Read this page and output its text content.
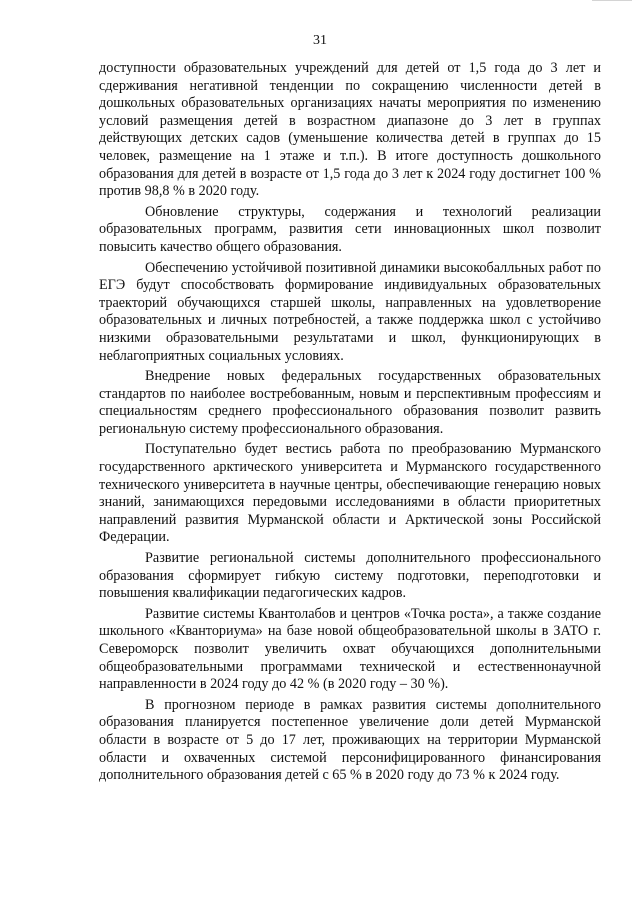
31

доступности образовательных учреждений для детей от 1,5 года до 3 лет и сдерживания негативной тенденции по сокращению численности детей в дошкольных образовательных организациях начаты мероприятия по изменению условий размещения детей в возрастном диапазоне до 3 лет в группах действующих детских садов (уменьшение количества детей в группах до 15 человек, размещение на 1 этаже и т.п.). В итоге доступность дошкольного образования для детей в возрасте от 1,5 года до 3 лет к 2024 году достигнет 100 % против 98,8 % в 2020 году.

Обновление структуры, содержания и технологий реализации образовательных программ, развития сети инновационных школ позволит повысить качество общего образования.

Обеспечению устойчивой позитивной динамики высокобалльных работ по ЕГЭ будут способствовать формирование индивидуальных образовательных траекторий обучающихся старшей школы, направленных на удовлетворение образовательных и личных потребностей, а также поддержка школ с устойчиво низкими образовательными результатами и школ, функционирующих в неблагоприятных социальных условиях.

Внедрение новых федеральных государственных образовательных стандартов по наиболее востребованным, новым и перспективным профессиям и специальностям среднего профессионального образования позволит развить региональную систему профессионального образования.

Поступательно будет вестись работа по преобразованию Мурманского государственного арктического университета и Мурманского государственного технического университета в научные центры, обеспечивающие генерацию новых знаний, занимающихся передовыми исследованиями в области приоритетных направлений развития Мурманской области и Арктической зоны Российской Федерации.

Развитие региональной системы дополнительного профессионального образования сформирует гибкую систему подготовки, переподготовки и повышения квалификации педагогических кадров.

Развитие системы Квантолабов и центров «Точка роста», а также создание школьного «Кванториума» на базе новой общеобразовательной школы в ЗАТО г. Североморск позволит увеличить охват обучающихся дополнительными общеобразовательными программами технической и естественнонаучной направленности в 2024 году до 42 % (в 2020 году – 30 %).

В прогнозном периоде в рамках развития системы дополнительного образования планируется постепенное увеличение доли детей Мурманской области в возрасте от 5 до 17 лет, проживающих на территории Мурманской области и охваченных системой персонифицированного финансирования дополнительного образования детей с 65 % в 2020 году до 73 % к 2024 году.
